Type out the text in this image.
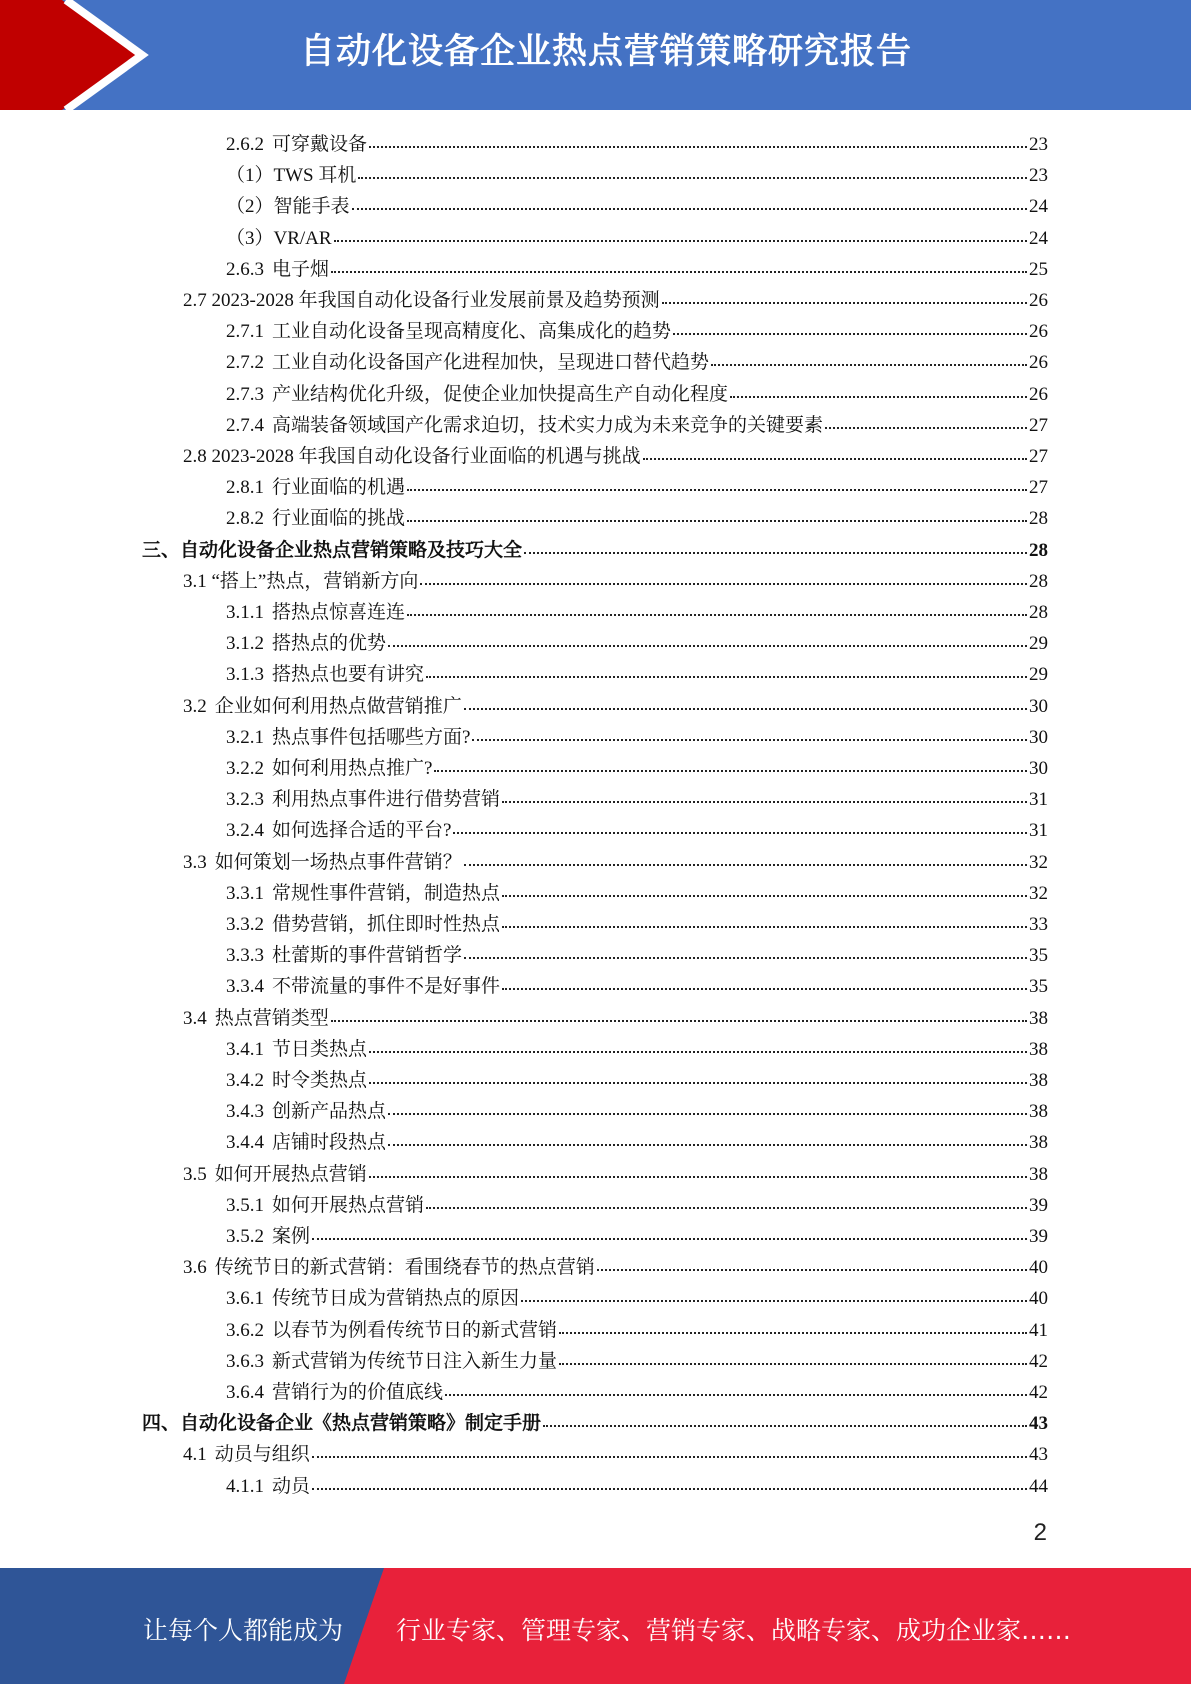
自动化设备企业热点营销策略研究报告
2.6.2 可穿戴设备	23
（1）TWS 耳机	23
（2）智能手表	24
（3）VR/AR	24
2.6.3 电子烟	25
2.7 2023-2028 年我国自动化设备行业发展前景及趋势预测	26
2.7.1 工业自动化设备呈现高精度化、高集成化的趋势	26
2.7.2 工业自动化设备国产化进程加快，呈现进口替代趋势	26
2.7.3 产业结构优化升级，促使企业加快提高生产自动化程度	26
2.7.4 高端装备领域国产化需求迫切，技术实力成为未来竞争的关键要素	27
2.8 2023-2028 年我国自动化设备行业面临的机遇与挑战	27
2.8.1 行业面临的机遇	27
2.8.2 行业面临的挑战	28
三、自动化设备企业热点营销策略及技巧大全	28
3.1 “搭上”热点，营销新方向	28
3.1.1 搭热点惊喜连连	28
3.1.2 搭热点的优势	29
3.1.3 搭热点也要有讲究	29
3.2 企业如何利用热点做营销推广	30
3.2.1 热点事件包括哪些方面?	30
3.2.2 如何利用热点推广?	30
3.2.3 利用热点事件进行借势营销	31
3.2.4 如何选择合适的平台?	31
3.3 如何策划一场热点事件营销？	32
3.3.1 常规性事件营销，制造热点	32
3.3.2 借势营销，抓住即时性热点	33
3.3.3 杜蕾斯的事件营销哲学	35
3.3.4 不带流量的事件不是好事件	35
3.4 热点营销类型	38
3.4.1 节日类热点	38
3.4.2 时令类热点	38
3.4.3 创新产品热点	38
3.4.4 店铺时段热点	38
3.5 如何开展热点营销	38
3.5.1 如何开展热点营销	39
3.5.2 案例	39
3.6 传统节日的新式营销：看围绕春节的热点营销	40
3.6.1 传统节日成为营销热点的原因	40
3.6.2 以春节为例看传统节日的新式营销	41
3.6.3 新式营销为传统节日注入新生力量	42
3.6.4 营销行为的价值底线	42
四、自动化设备企业《热点营销策略》制定手册	43
4.1 动员与组织	43
4.1.1 动员	44
2
让每个人都能成为 行业专家、管理专家、营销专家、战略专家、成功企业家……
